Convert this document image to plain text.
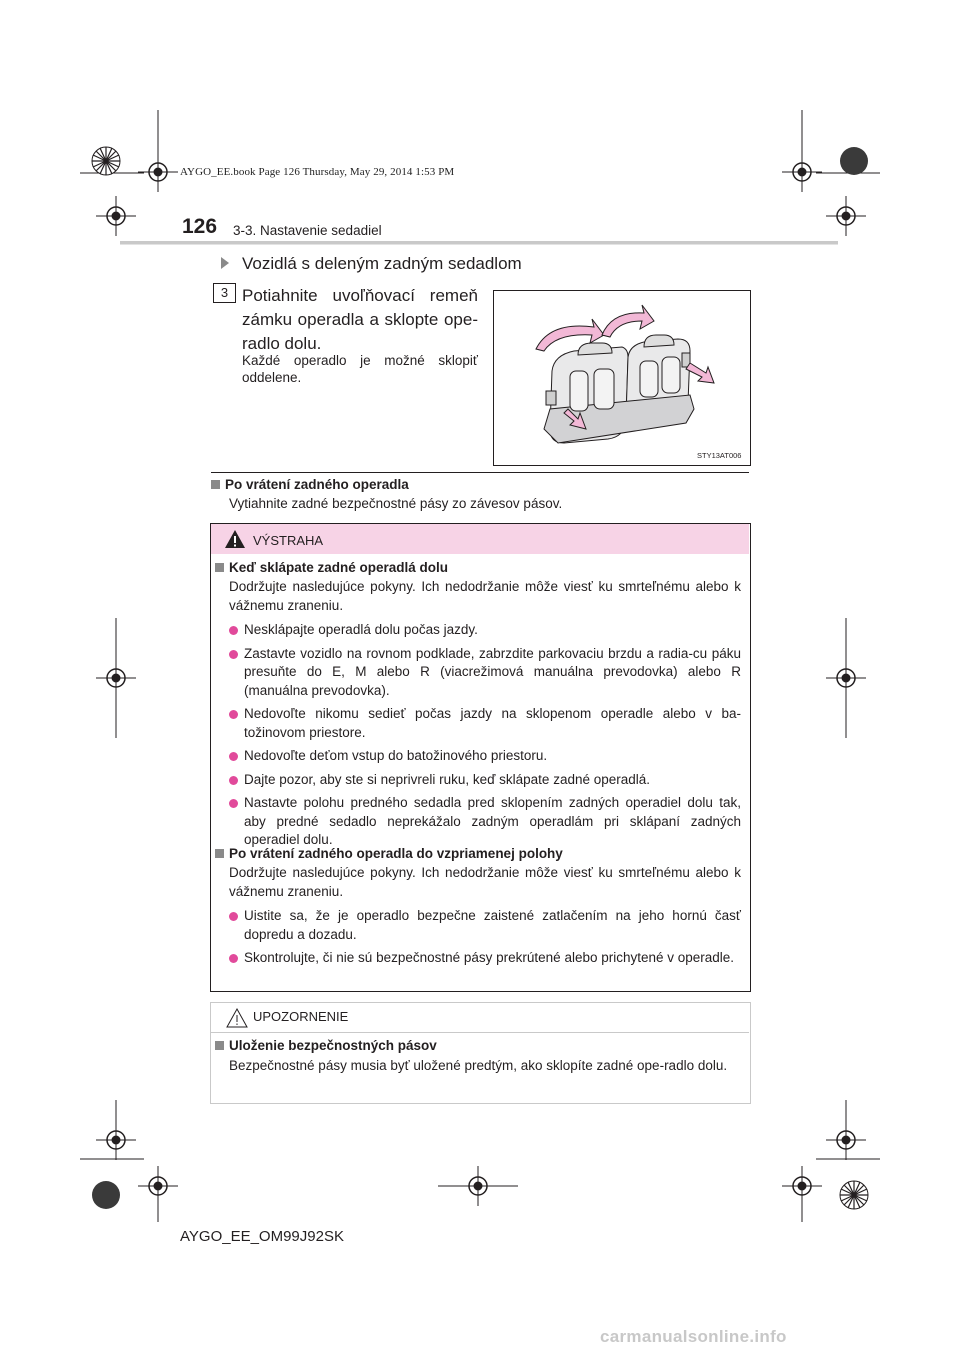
AYGO_EE.book Page 126 Thursday, May 29, 2014 1:53 PM
126 3-3. Nastavenie sedadiel
Vozidlá s deleným zadným sedadlom
3 Potiahnite uvoľňovací remeň zámku operadla a sklopte ope-radlo dolu.
Každé operadlo je možné sklopiť oddelene.
STY13AT006
Po vrátení zadného operadla
Vytiahnite zadné bezpečnostné pásy zo závesov pásov.
VÝSTRAHA
Keď sklápate zadné operadlá dolu
Dodržujte nasledujúce pokyny. Ich nedodržanie môže viesť ku smrteľnému alebo k vážnemu zraneniu.
Nesklápajte operadlá dolu počas jazdy.
Zastavte vozidlo na rovnom podklade, zabrzdite parkovaciu brzdu a radia-cu páku presuňte do E, M alebo R (viacrežimová manuálna prevodovka) alebo R (manuálna prevodovka).
Nedovoľte nikomu sedieť počas jazdy na sklopenom operadle alebo v ba-tožinovom priestore.
Nedovoľte deťom vstup do batožinového priestoru.
Dajte pozor, aby ste si neprivreli ruku, keď sklápate zadné operadlá.
Nastavte polohu predného sedadla pred sklopením zadných operadiel dolu tak, aby predné sedadlo neprekážalo zadným operadlám pri sklápaní zadných operadiel dolu.
Po vrátení zadného operadla do vzpriamenej polohy
Dodržujte nasledujúce pokyny. Ich nedodržanie môže viesť ku smrteľnému alebo k vážnemu zraneniu.
Uistite sa, že je operadlo bezpečne zaistené zatlačením na jeho hornú časť dopredu a dozadu.
Skontrolujte, či nie sú bezpečnostné pásy prekrútené alebo prichytené v operadle.
UPOZORNENIE
Uloženie bezpečnostných pásov
Bezpečnostné pásy musia byť uložené predtým, ako sklopíte zadné ope-radlo dolu.
AYGO_EE_OM99J92SK
carmanualsonline.info
